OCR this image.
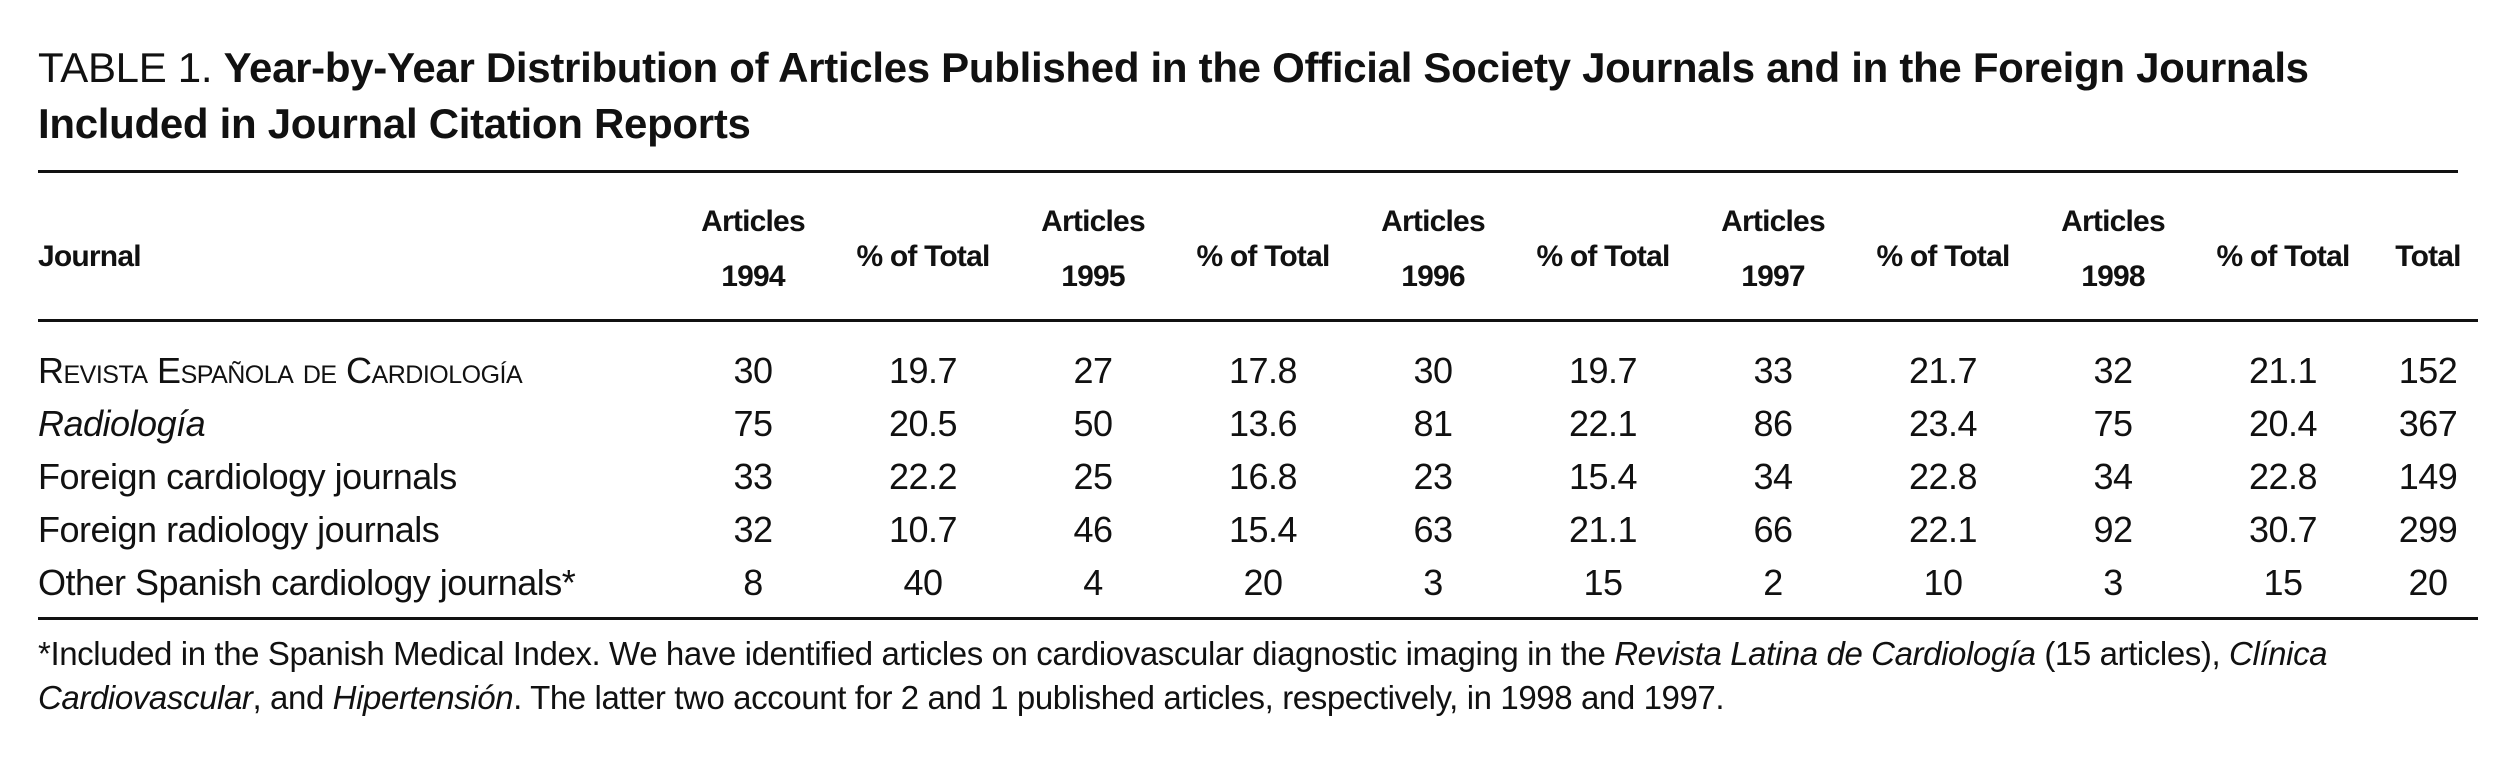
TABLE 1. Year-by-Year Distribution of Articles Published in the Official Society Journals and in the Foreign Journals Included in Journal Citation Reports
Journal	Articles	% of Total	Articles	% of Total	Articles	% of Total	Articles	% of Total	Articles	% of Total	Total
	1994		1995		1996		1997		1998		
Revista Española de Cardiología	30	19.7	27	17.8	30	19.7	33	21.7	32	21.1	152
Radiología	75	20.5	50	13.6	81	22.1	86	23.4	75	20.4	367
Foreign cardiology journals	33	22.2	25	16.8	23	15.4	34	22.8	34	22.8	149
Foreign radiology journals	32	10.7	46	15.4	63	21.1	66	22.1	92	30.7	299
Other Spanish cardiology journals*	8	40	4	20	3	15	2	10	3	15	20
*Included in the Spanish Medical Index. We have identified articles on cardiovascular diagnostic imaging in the Revista Latina de Cardiología (15 articles), Clínica Cardiovascular, and Hipertensión. The latter two account for 2 and 1 published articles, respectively, in 1998 and 1997.
